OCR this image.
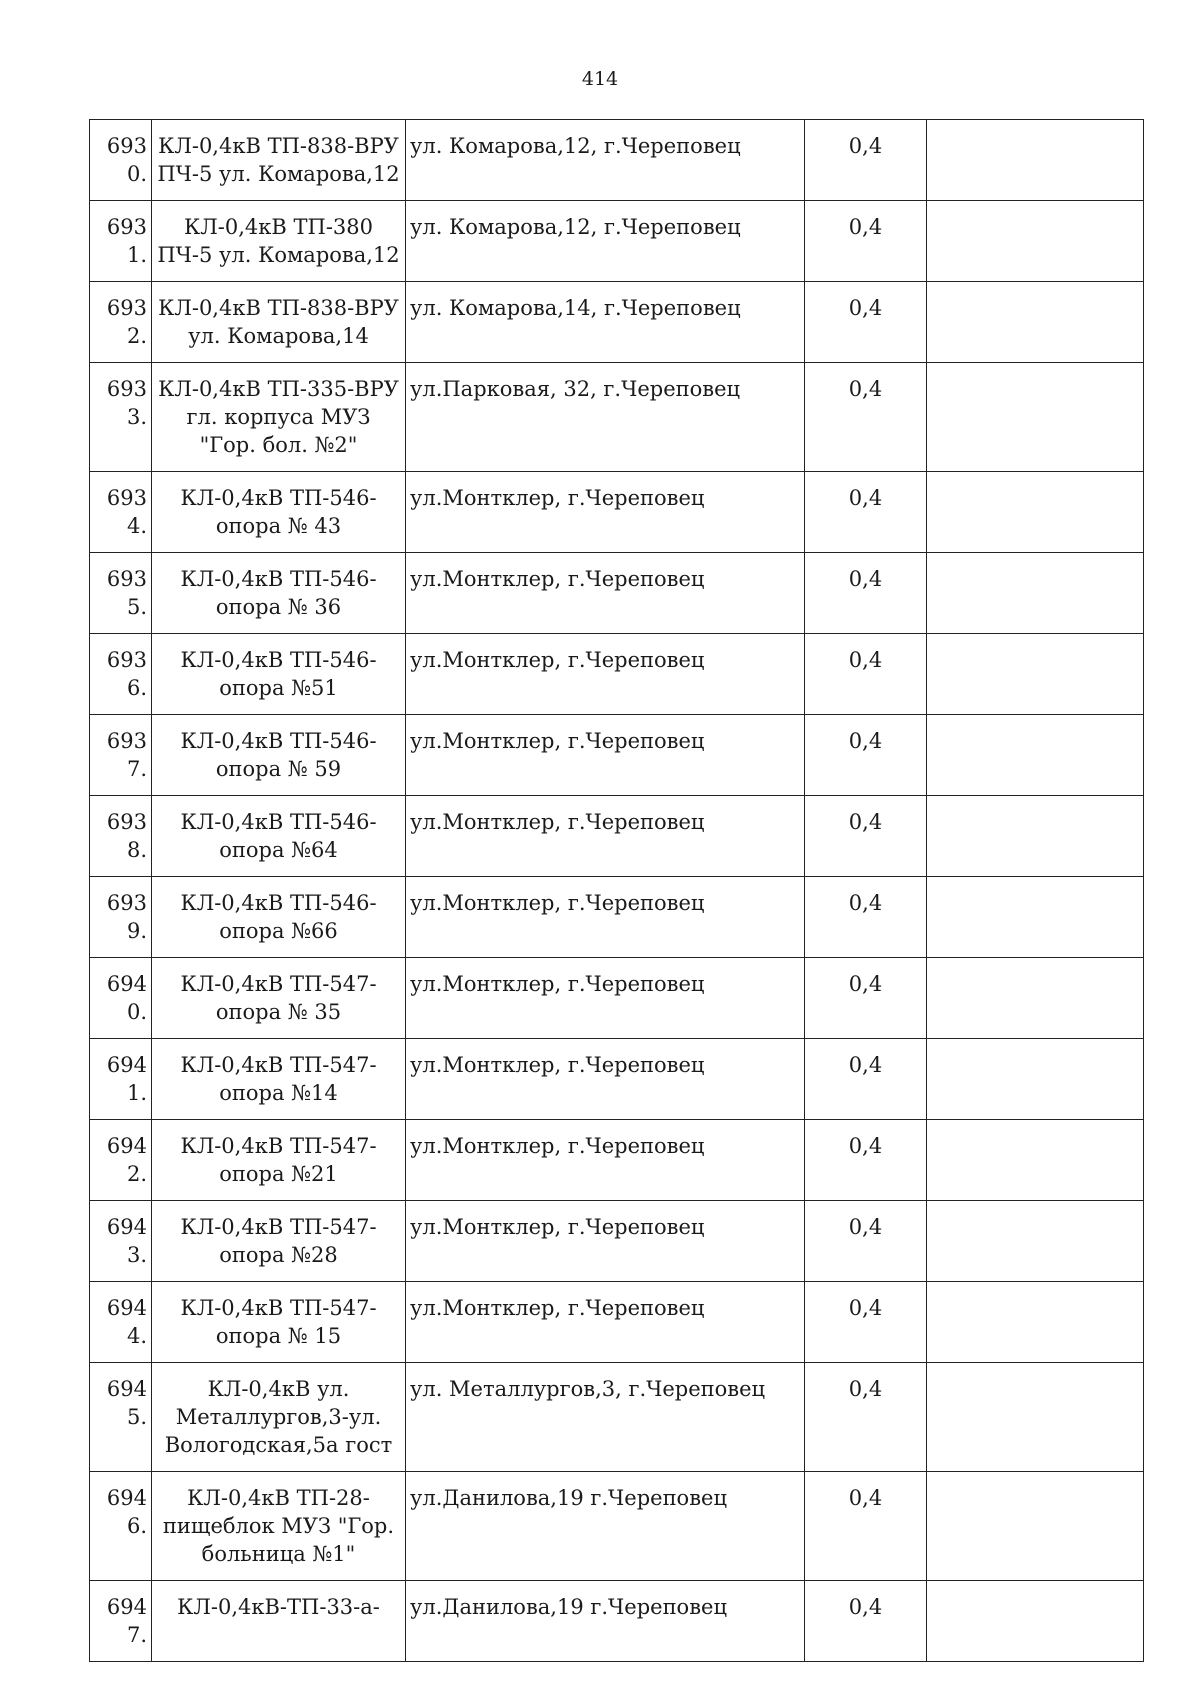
414
6930.	КЛ-0,4кВ ТП-838-ВРУ ПЧ-5 ул. Комарова,12	ул. Комарова,12, г.Череповец	0,4	
6931.	КЛ-0,4кВ ТП-380 ПЧ-5 ул. Комарова,12	ул. Комарова,12, г.Череповец	0,4	
6932.	КЛ-0,4кВ ТП-838-ВРУ ул. Комарова,14	ул. Комарова,14, г.Череповец	0,4	
6933.	КЛ-0,4кВ ТП-335-ВРУ гл. корпуса МУЗ "Гор. бол. №2"	ул.Парковая, 32, г.Череповец	0,4	
6934.	КЛ-0,4кВ ТП-546-опора № 43	ул.Монтклер, г.Череповец	0,4	
6935.	КЛ-0,4кВ ТП-546-опора № 36	ул.Монтклер, г.Череповец	0,4	
6936.	КЛ-0,4кВ ТП-546-опора №51	ул.Монтклер, г.Череповец	0,4	
6937.	КЛ-0,4кВ ТП-546-опора № 59	ул.Монтклер, г.Череповец	0,4	
6938.	КЛ-0,4кВ ТП-546-опора №64	ул.Монтклер, г.Череповец	0,4	
6939.	КЛ-0,4кВ ТП-546-опора №66	ул.Монтклер, г.Череповец	0,4	
6940.	КЛ-0,4кВ ТП-547-опора № 35	ул.Монтклер, г.Череповец	0,4	
6941.	КЛ-0,4кВ ТП-547-опора №14	ул.Монтклер, г.Череповец	0,4	
6942.	КЛ-0,4кВ ТП-547-опора №21	ул.Монтклер, г.Череповец	0,4	
6943.	КЛ-0,4кВ ТП-547-опора №28	ул.Монтклер, г.Череповец	0,4	
6944.	КЛ-0,4кВ ТП-547-опора № 15	ул.Монтклер, г.Череповец	0,4	
6945.	КЛ-0,4кВ ул. Металлургов,3-ул. Вологодская,5а гост	ул. Металлургов,3, г.Череповец	0,4	
6946.	КЛ-0,4кВ ТП-28-пищеблок МУЗ "Гор. больница №1"	ул.Данилова,19 г.Череповец	0,4	
6947.	КЛ-0,4кВ-ТП-33-а-	ул.Данилова,19 г.Череповец	0,4	
